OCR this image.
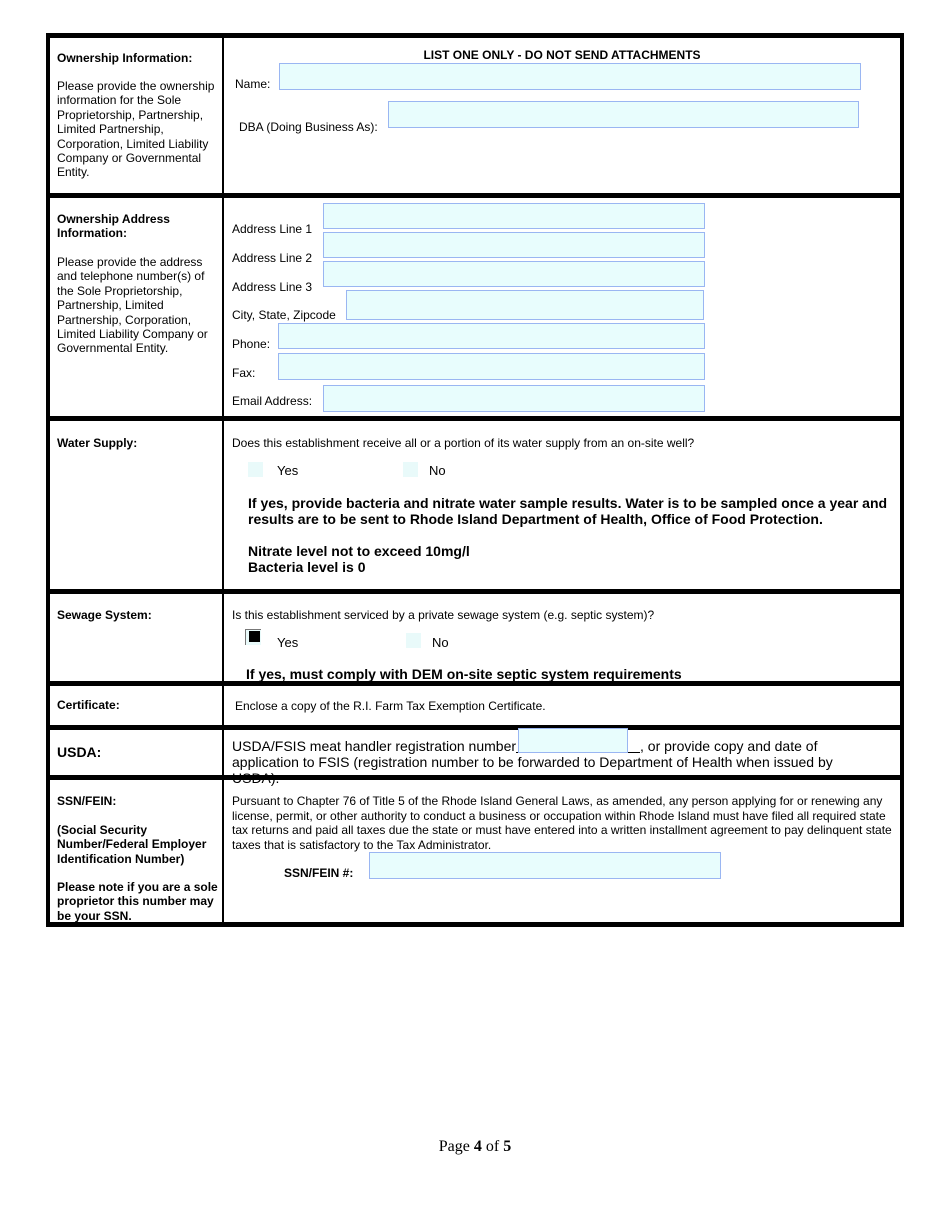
Ownership Information:
Please provide the ownership information for the Sole Proprietorship, Partnership, Limited Partnership, Corporation, Limited Liability Company or Governmental Entity.
LIST ONE ONLY - DO NOT SEND ATTACHMENTS
Name:
DBA (Doing Business As):
Ownership Address Information:
Please provide the address and telephone number(s) of the Sole Proprietorship, Partnership, Limited Partnership, Corporation, Limited Liability Company or Governmental Entity.
Address Line 1
Address Line 2
Address Line 3
City, State, Zipcode
Phone:
Fax:
Email Address:
Water Supply:	Does this establishment receive all or a portion of its water supply from an on-site well?
Yes	No
If yes, provide bacteria and nitrate water sample results. Water is to be sampled once a year and results are to be sent to Rhode Island Department of Health, Office of Food Protection.
Nitrate level not to exceed 10mg/l
Bacteria level is 0
Sewage System:	Is this establishment serviced by a private sewage system (e.g. septic system)?
Yes	No
If yes, must comply with DEM on-site septic system requirements
Certificate:	Enclose a copy of the R.I. Farm Tax Exemption Certificate.
USDA:	USDA/FSIS meat handler registration number	, or provide copy and date of
application to FSIS (registration number to be forwarded to Department of Health when issued by
USDA).
SSN/FEIN:
(Social Security Number/Federal Employer Identification Number)
Please note if you are a sole proprietor this number may be your SSN.
Pursuant to Chapter 76 of Title 5 of the Rhode Island General Laws, as amended, any person applying for or renewing any license, permit, or other authority to conduct a business or occupation within Rhode Island must have filed all required state tax returns and paid all taxes due the state or must have entered into a written installment agreement to pay delinquent state taxes that is satisfactory to the Tax Administrator.
SSN/FEIN #:
Page 4 of 5
